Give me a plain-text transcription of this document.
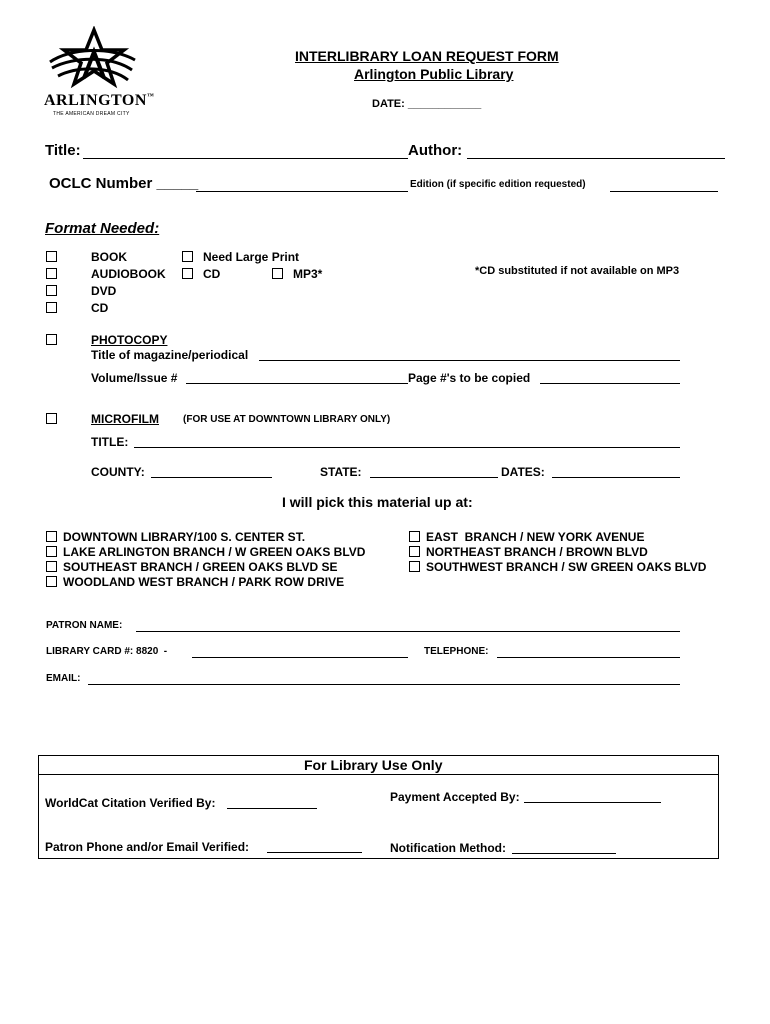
ARLINGTON™
THE AMERICAN DREAM CITY
INTERLIBRARY LOAN REQUEST FORM
Arlington Public Library
DATE: ____________
Title:	Author:
OCLC Number _____	Edition (if specific edition requested)
Format Needed:
BOOK
AUDIOBOOK
DVD
CD
Need Large Print
CD	MP3*	*CD substituted if not available on MP3
PHOTOCOPY
Title of magazine/periodical
Volume/Issue #	Page #'s to be copied
MICROFILM (FOR USE AT DOWNTOWN LIBRARY ONLY)
TITLE:
COUNTY:	STATE:	DATES:
I will pick this material up at:
DOWNTOWN LIBRARY/100 S. CENTER ST.
LAKE ARLINGTON BRANCH / W GREEN OAKS BLVD
SOUTHEAST BRANCH / GREEN OAKS BLVD SE
WOODLAND WEST BRANCH / PARK ROW DRIVE
EAST  BRANCH / NEW YORK AVENUE
NORTHEAST BRANCH / BROWN BLVD
SOUTHWEST BRANCH / SW GREEN OAKS BLVD
PATRON NAME:
LIBRARY CARD #: 8820  -	TELEPHONE:
EMAIL:
For Library Use Only
WorldCat Citation Verified By:	Payment Accepted By:
Patron Phone and/or Email Verified:	Notification Method:
